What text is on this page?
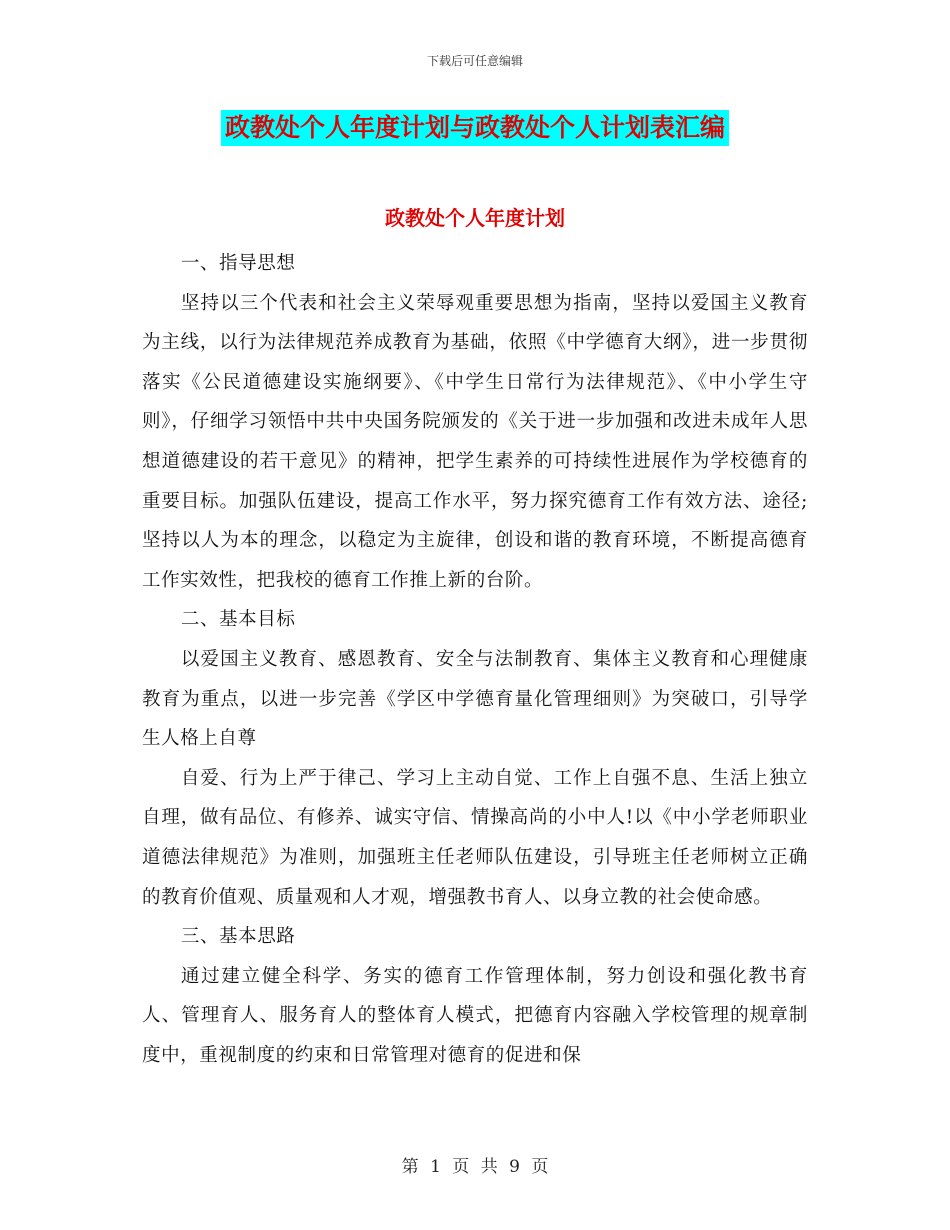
下载后可任意编辑
政教处个人年度计划与政教处个人计划表汇编
政教处个人年度计划

一、指导思想

坚持以三个代表和社会主义荣辱观重要思想为指南，坚持以爱国主义教育为主线，以行为法律规范养成教育为基础，依照《中学德育大纲》，进一步贯彻落实《公民道德建设实施纲要》、《中学生日常行为法律规范》、《中小学生守则》，仔细学习领悟中共中央国务院颁发的《关于进一步加强和改进未成年人思想道德建设的若干意见》的精神，把学生素养的可持续性进展作为学校德育的重要目标。加强队伍建设，提高工作水平，努力探究德育工作有效方法、途径;坚持以人为本的理念，以稳定为主旋律，创设和谐的教育环境，不断提高德育工作实效性，把我校的德育工作推上新的台阶。

二、基本目标

以爱国主义教育、感恩教育、安全与法制教育、集体主义教育和心理健康教育为重点，以进一步完善《学区中学德育量化管理细则》为突破口，引导学生人格上自尊

自爱、行为上严于律己、学习上主动自觉、工作上自强不息、生活上独立自理，做有品位、有修养、诚实守信、情操高尚的小中人!以《中小学老师职业道德法律规范》为准则，加强班主任老师队伍建设，引导班主任老师树立正确的教育价值观、质量观和人才观，增强教书育人、以身立教的社会使命感。

三、基本思路

通过建立健全科学、务实的德育工作管理体制，努力创设和强化教书育人、管理育人、服务育人的整体育人模式，把德育内容融入学校管理的规章制度中，重视制度的约束和日常管理对德育的促进和保

第 1 页 共 9 页
